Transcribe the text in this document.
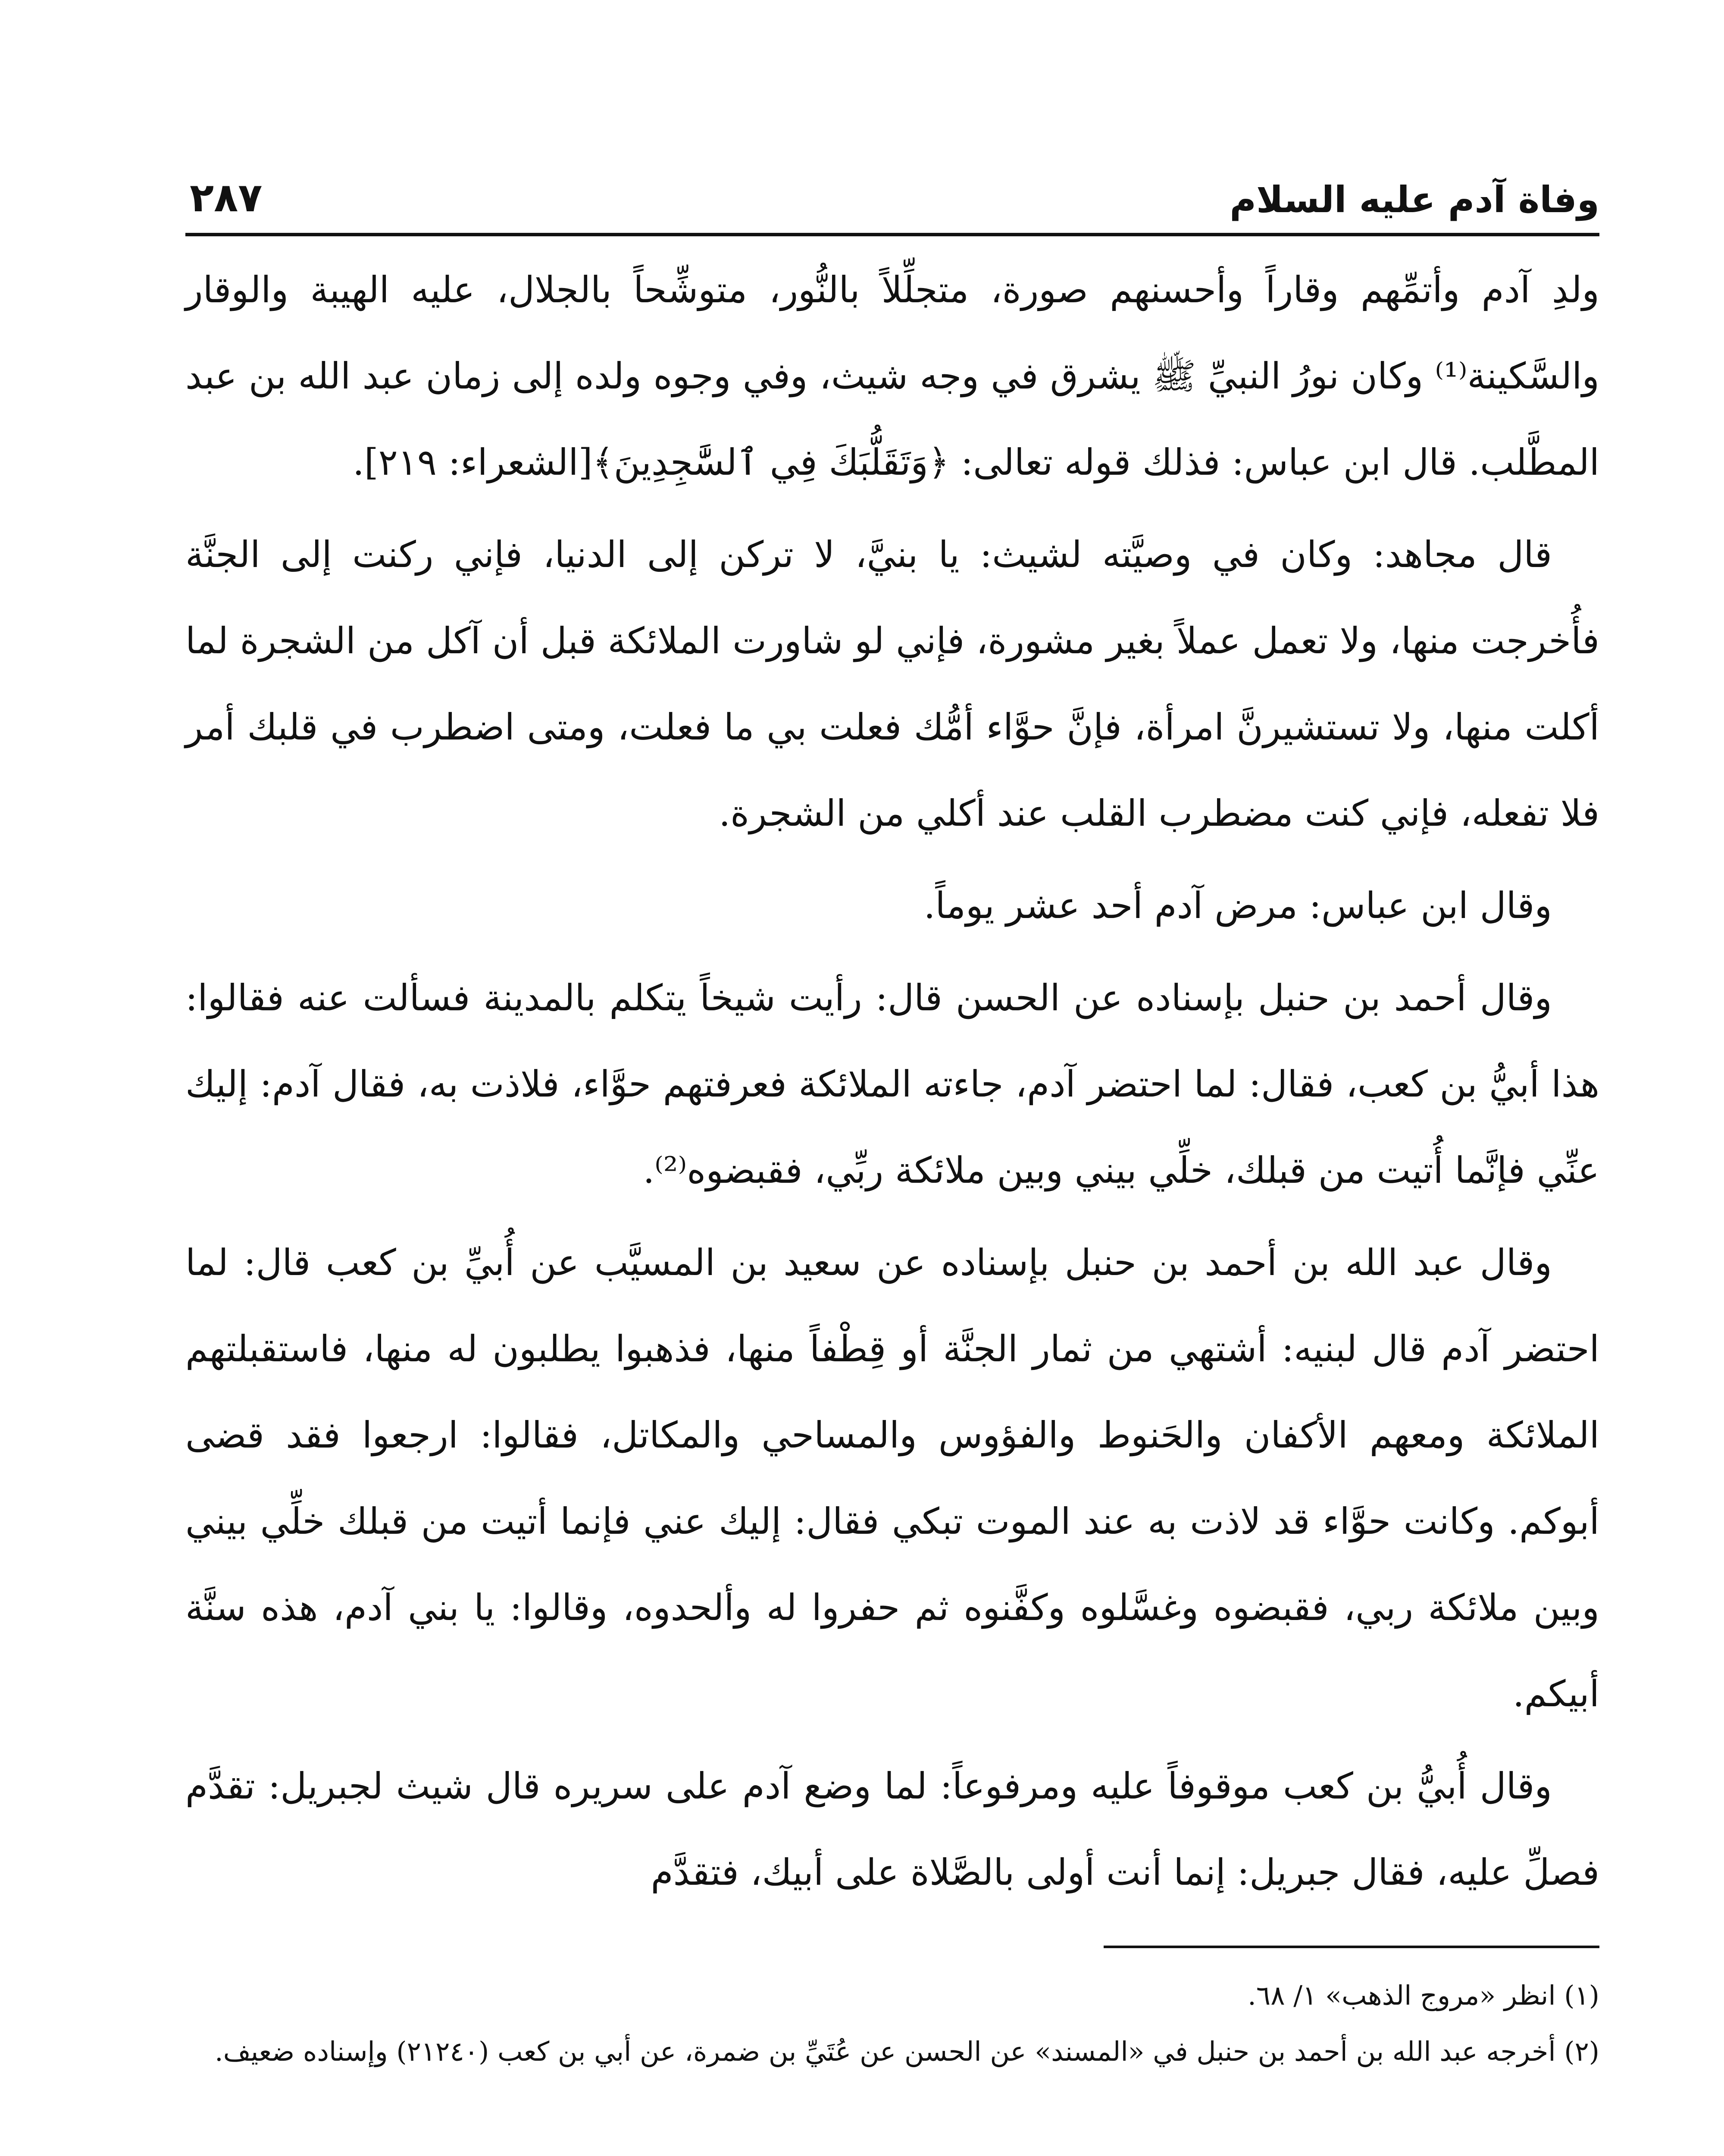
وفاة آدم عليه السلام
٢٨٧

ولدِ آدم وأتمِّهم وقاراً وأحسنهم صورة، متجلِّلاً بالنُّور، متوشِّحاً بالجلال، عليه الهيبة والوقار والسَّكينة⁽¹⁾ وكان نورُ النبيِّ ﷺ يشرق في وجه شيث، وفي وجوه ولده إلى زمان عبد الله بن عبد المطَّلب. قال ابن عباس: فذلك قوله تعالى: ﴿وَتَقَلُّبَكَ فِي ٱلسَّٰجِدِينَ﴾[الشعراء: ٢١٩].

قال مجاهد: وكان في وصيَّته لشيث: يا بنيَّ، لا تركن إلى الدنيا، فإني ركنت إلى الجنَّة فأُخرجت منها، ولا تعمل عملاً بغير مشورة، فإني لو شاورت الملائكة قبل أن آكل من الشجرة لما أكلت منها، ولا تستشيرنَّ امرأة، فإنَّ حوَّاء أمُّك فعلت بي ما فعلت، ومتى اضطرب في قلبك أمر فلا تفعله، فإني كنت مضطرب القلب عند أكلي من الشجرة.

وقال ابن عباس: مرض آدم أحد عشر يوماً.

وقال أحمد بن حنبل بإسناده عن الحسن قال: رأيت شيخاً يتكلم بالمدينة فسألت عنه فقالوا: هذا أبيُّ بن كعب، فقال: لما احتضر آدم، جاءته الملائكة فعرفتهم حوَّاء، فلاذت به، فقال آدم: إليك عنِّي فإنَّما أُتيت من قبلك، خلِّي بيني وبين ملائكة ربِّي، فقبضوه⁽²⁾.

وقال عبد الله بن أحمد بن حنبل بإسناده عن سعيد بن المسيَّب عن أُبيِّ بن كعب قال: لما احتضر آدم قال لبنيه: أشتهي من ثمار الجنَّة أو قِطْفاً منها، فذهبوا يطلبون له منها، فاستقبلتهم الملائكة ومعهم الأكفان والحَنوط والفؤوس والمساحي والمكاتل، فقالوا: ارجعوا فقد قضى أبوكم. وكانت حوَّاء قد لاذت به عند الموت تبكي فقال: إليك عني فإنما أتيت من قبلك خلِّي بيني وبين ملائكة ربي، فقبضوه وغسَّلوه وكفَّنوه ثم حفروا له وألحدوه، وقالوا: يا بني آدم، هذه سنَّة أبيكم.

وقال أُبيُّ بن كعب موقوفاً عليه ومرفوعاً: لما وضع آدم على سريره قال شيث لجبريل: تقدَّم فصلِّ عليه، فقال جبريل: إنما أنت أولى بالصَّلاة على أبيك، فتقدَّم

(١) انظر «مروج الذهب» ١/ ٦٨.

(٢) أخرجه عبد الله بن أحمد بن حنبل في «المسند» عن الحسن عن عُتَيِّ بن ضمرة، عن أبي بن كعب (٢١٢٤٠) وإسناده ضعيف.
